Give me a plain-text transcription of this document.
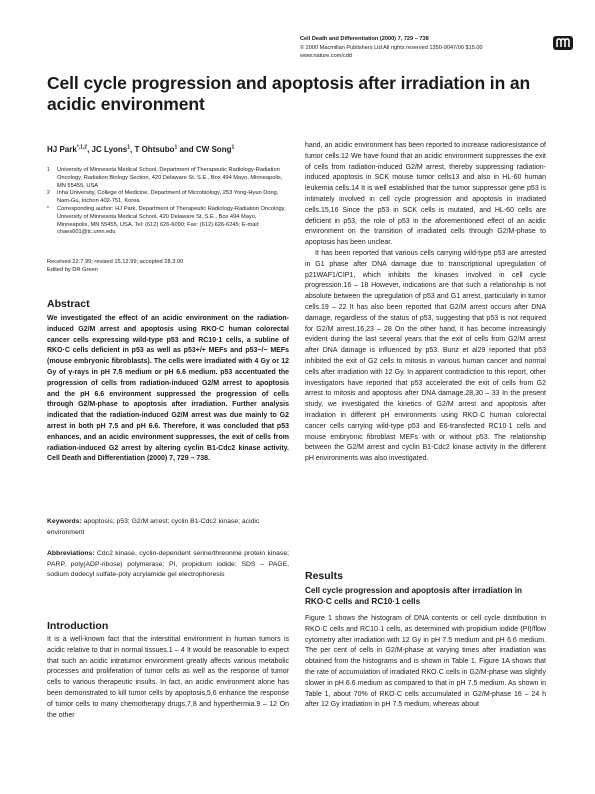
Cell Death and Differentiation (2000) 7, 729 – 738
© 2000 Macmillan Publishers Ltd All rights reserved 1350-9047/00 $15.00
www.nature.com/cdd
Cell cycle progression and apoptosis after irradiation in an acidic environment
HJ Park$^{*,1,2}$, JC Lyons$^1$, T Ohtsubo$^1$ and CW Song$^1$
1	University of Minnesota Medical School, Department of Therapeutic Radiology-Radiation Oncology, Radiation Biology Section, 420 Delaware St. S.E., Box 494 Mayo, Minneapolis, MN 55455, USA
2	Inha University, College of Medicine, Department of Microbiology, 253 Yong-Hyun Dong, Nam-Gu, Inchon 402-751, Korea
*	Corresponding author: HJ Park, Department of Therapeutic Radiology-Radiation Oncology, University of Minnesota Medical School, 420 Delaware St. S.E., Box 494 Mayo, Minneapolis, MN 55455, USA. Tel: (612) 626-6090; Fax: (612) 626-6245; E-mail: chaex001@tc.umn.edu
Received 22.7.99; revised 15.12.99; accepted 28.3.00
Edited by DR Green
Abstract
We investigated the effect of an acidic environment on the radiation-induced G2/M arrest and apoptosis using RKO·C human colorectal cancer cells expressing wild-type p53 and RC10·1 cells, a subline of RKO·C cells deficient in p53 as well as p53+/+ MEFs and p53−/− MEFs (mouse embryonic fibroblasts). The cells were irradiated with 4 Gy or 12 Gy of γ-rays in pH 7.5 medium or pH 6.6 medium. p53 accentuated the progression of cells from radiation-induced G2/M arrest to apoptosis and the pH 6.6 environment suppressed the progression of cells through G2/M-phase to apoptosis after irradiation. Further analysis indicated that the radiation-induced G2/M arrest was due mainly to G2 arrest in both pH 7.5 and pH 6.6. Therefore, it was concluded that p53 enhances, and an acidic environment suppresses, the exit of cells from radiation-induced G2 arrest by altering cyclin B1-Cdc2 kinase activity. Cell Death and Differentiation (2000) 7, 729 – 738.
Keywords: apoptosis; p53; G2/M arrest; cyclin B1-Cdc2 kinase; acidic environment
Abbreviations: Cdc2 kinase, cyclin-dependent serine/threonine protein kinase; PARP, poly(ADP-ribose) polymerase; PI, propidium iodide; SDS – PAGE, sodium dodecyl sulfate-poly acrylamide gel electrophoresis
Introduction
It is a well-known fact that the interstitial environment in human tumors is acidic relative to that in normal tissues.1 – 4 It would be reasonable to expect that such an acidic intratumor environment greatly affects various metabolic processes and proliferation of tumor cells as well as the response of tumor cells to various therapeutic insults. In fact, an acidic environment alone has been demonstrated to kill tumor cells by apoptosis,5,6 enhance the response of tumor cells to many chemotherapy drugs,7,8 and hyperthermia.9 – 12 On the other

hand, an acidic environment has been reported to increase radioresistance of tumor cells.12 We have found that an acidic environment suppresses the exit of cells from radiation-induced G2/M arrest, thereby suppressing radiation-induced apoptosis in SCK mouse tumor cells13 and also in HL-60 human leukemia cells.14 It is well established that the tumor suppressor gene p53 is intimately involved in cell cycle progression and apoptosis in irradiated cells.15,16 Since the p53 in SCK cells is mutated, and HL-60 cells are deficient in p53, the role of p53 in the aforementioned effect of an acidic environment on the transition of irradiated cells through G2/M-phase to apoptosis has been unclear.

It has been reported that various cells carrying wild-type p53 are arrested in G1 phase after DNA damage due to transcriptional upregulation of p21WAF1/CIP1, which inhibits the kinases involved in cell cycle progression.16 – 18 However, indications are that such a relationship is not absolute between the upregulation of p53 and G1 arrest, particularly in tumor cells.19 – 22 It has also been reported that G2/M arrest occurs after DNA damage, regardless of the status of p53, suggesting that p53 is not required for G2/M arrest.16,23 – 28 On the other hand, it has become increasingly evident during the last several years that the exit of cells from G2/M arrest after DNA damage is influenced by p53. Bunz et al29 reported that p53 inhibited the exit of G2 cells to mitosis in various human cancer and normal cells after irradiation with 12 Gy. In apparent contradiction to this report, other investigators have reported that p53 accelerated the exit of cells from G2 arrest to mitosis and apoptosis after DNA damage.28,30 – 33 In the present study, we investigated the kinetics of G2/M arrest and apoptosis after irradiation in different pH environments using RKO·C human colorectal cancer cells carrying wild-type p53 and E6-transfected RC10·1 cells and mouse embryonic fibroblast MEFs with or without p53. The relationship between the G2/M arrest and cyclin B1-Cdc2 kinase activity in the different pH environments was also investigated.

Results
Cell cycle progression and apoptosis after irradiation in RKO·C cells and RC10·1 cells
Figure 1 shows the histogram of DNA contents or cell cycle distribution in RKO·C cells and RC10·1 cells, as determined with propidium iodide (PI)/flow cytometry after irradiation with 12 Gy in pH 7.5 medium and pH 6.6 medium. The per cent of cells in G2/M-phase at varying times after irradiation was obtained from the histograms and is shown in Table 1. Figure 1A shows that the rate of accumulation of irradiated RKO·C cells in G2/M-phase was slightly slower in pH 6.6 medium as compared to that in pH 7.5 medium. As shown in Table 1, about 70% of RKO·C cells accumulated in G2/M-phase 16 – 24 h after 12 Gy irradiation in pH 7.5 medium, whereas about
